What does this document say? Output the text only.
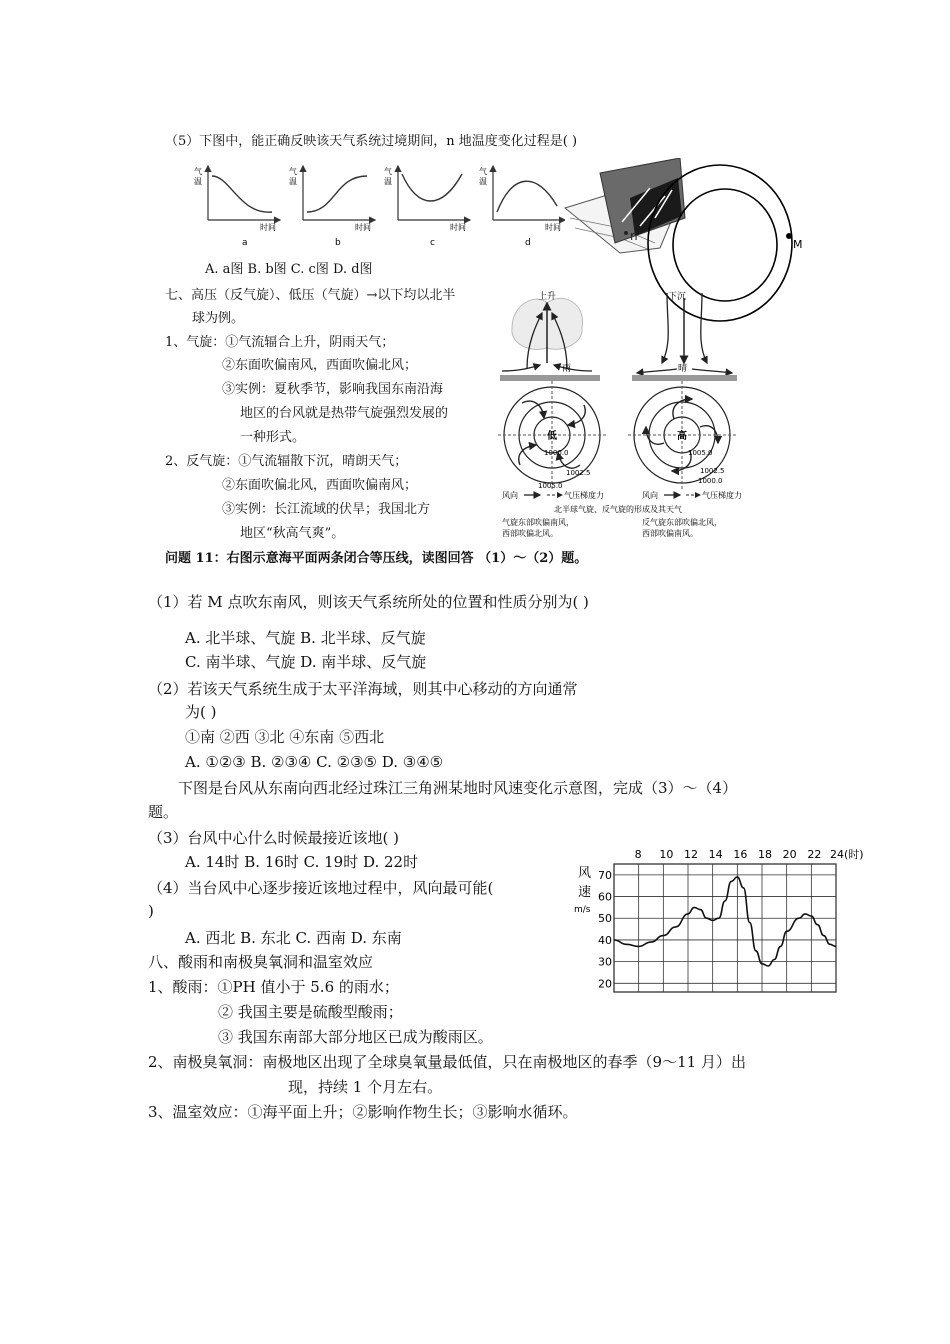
（5）下图中，能正确反映该天气系统过境期间，n 地温度变化过程是( )
气
温
时间
a
气
温
时间
b
气
温
时间
c
气
温
时间
d
A. a图 B. b图 C. c图 D. d图
n
M
七、高压（反气旋）、低压（气旋）→以下均以北半
球为例。
1、气旋：①气流辐合上升，阴雨天气；
②东面吹偏南风，西面吹偏北风；
③实例：夏秋季节，影响我国东南沿海
地区的台风就是热带气旋强烈发展的
一种形式。
2、反气旋：①气流辐散下沉，晴朗天气；
②东面吹偏北风，西面吹偏南风；
③实例：长江流域的伏旱；我国北方
地区“秋高气爽”。
上升
雨
下沉
晴
低
1000.0
1002.5
1005.0
高
1005.0
1002.5
1000.0
风向	气压梯度力	风向	气压梯度力
北半球气旋、反气旋的形成及其天气
气旋东部吹偏南风，
西部吹偏北风。
反气旋东部吹偏北风，
西部吹偏南风。
问题 11：右图示意海平面两条闭合等压线，读图回答 （1）～（2）题。
（1）若 M 点吹东南风，则该天气系统所处的位置和性质分别为( )
A. 北半球、气旋 B. 北半球、反气旋
C. 南半球、气旋 D. 南半球、反气旋
（2）若该天气系统生成于太平洋海域，则其中心移动的方向通常
为( )
①南 ②西 ③北 ④东南 ⑤西北
A. ①②③ B. ②③④ C. ②③⑤ D. ③④⑤
下图是台风从东南向西北经过珠江三角洲某地时风速变化示意图，完成（3）～（4）
题。
（3）台风中心什么时候最接近该地( )
A. 14时 B. 16时 C. 19时 D. 22时
（4）当台风中心逐步接近该地过程中，风向最可能(
)
A. 西北 B. 东北 C. 西南 D. 东南
风
速
m/s
8 10 12 14 16 18 20 22 24(时)
20
30
40
50
60
70
八、酸雨和南极臭氧洞和温室效应
1、酸雨：①PH 值小于 5.6 的雨水；
② 我国主要是硫酸型酸雨；
③ 我国东南部大部分地区已成为酸雨区。
2、南极臭氧洞：南极地区出现了全球臭氧量最低值，只在南极地区的春季（9～11 月）出
现，持续 1 个月左右。
3、温室效应：①海平面上升；②影响作物生长；③影响水循环。
